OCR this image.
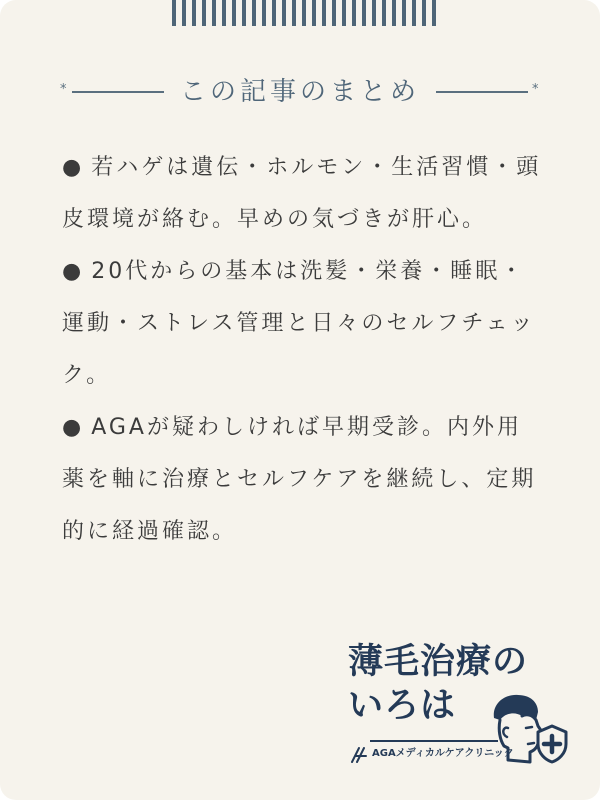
*	この記事のまとめ	*
●若ハゲは遺伝・ホルモン・生活習慣・頭皮環境が絡む。早めの気づきが肝心。
●20代からの基本は洗髪・栄養・睡眠・運動・ストレス管理と日々のセルフチェック。
●AGAが疑わしければ早期受診。内外用薬を軸に治療とセルフケアを継続し、定期的に経過確認。
薄毛治療の
いろは
AGAメディカルケアクリニック
